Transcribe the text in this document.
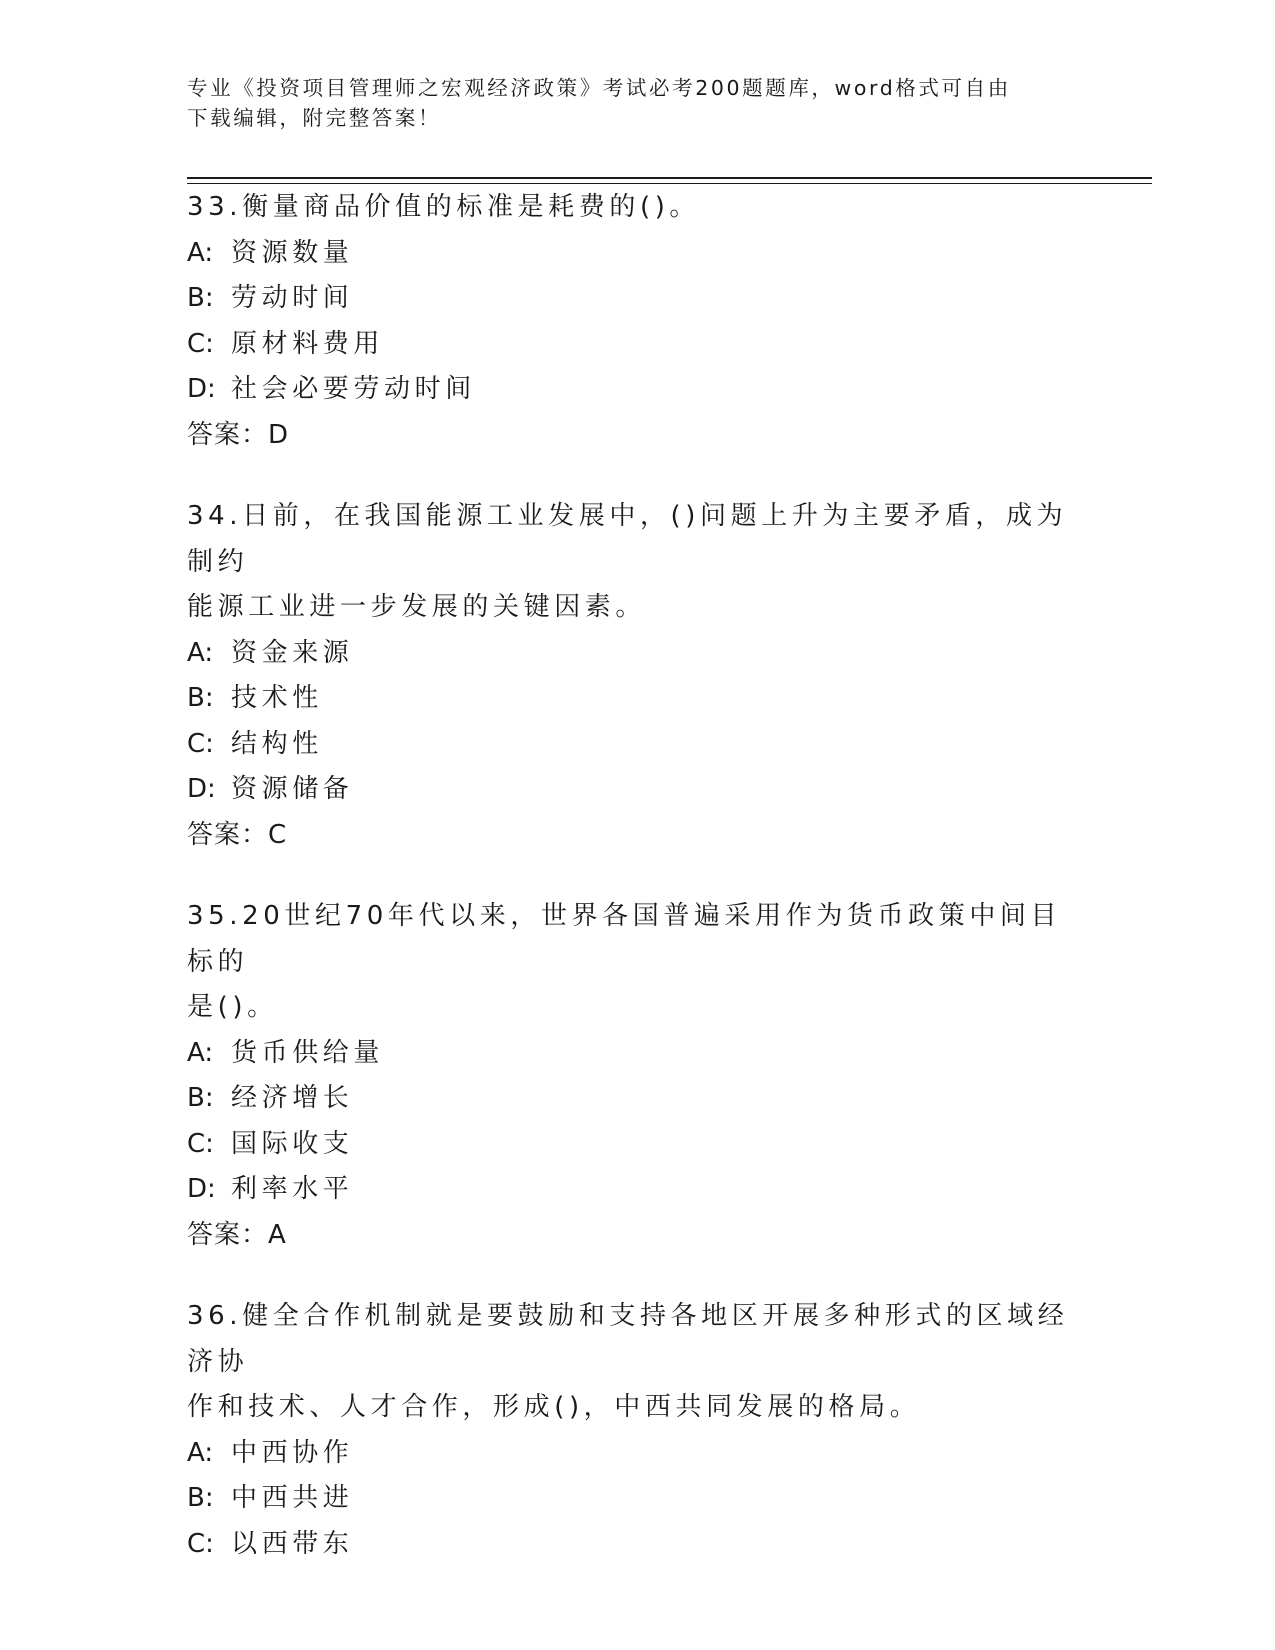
专业《投资项目管理师之宏观经济政策》考试必考200题题库，word格式可自由
下载编辑，附完整答案！

33.衡量商品价值的标准是耗费的()。

A: 资源数量

B: 劳动时间

C: 原材料费用

D: 社会必要劳动时间

答案：D

34.日前，在我国能源工业发展中，()问题上升为主要矛盾，成为制约

能源工业进一步发展的关键因素。

A: 资金来源

B: 技术性

C: 结构性

D: 资源储备

答案：C

35.20世纪70年代以来，世界各国普遍采用作为货币政策中间目标的

是()。

A: 货币供给量

B: 经济增长

C: 国际收支

D: 利率水平

答案：A

36.健全合作机制就是要鼓励和支持各地区开展多种形式的区域经济协

作和技术、人才合作，形成()，中西共同发展的格局。

A: 中西协作

B: 中西共进

C: 以西带东
